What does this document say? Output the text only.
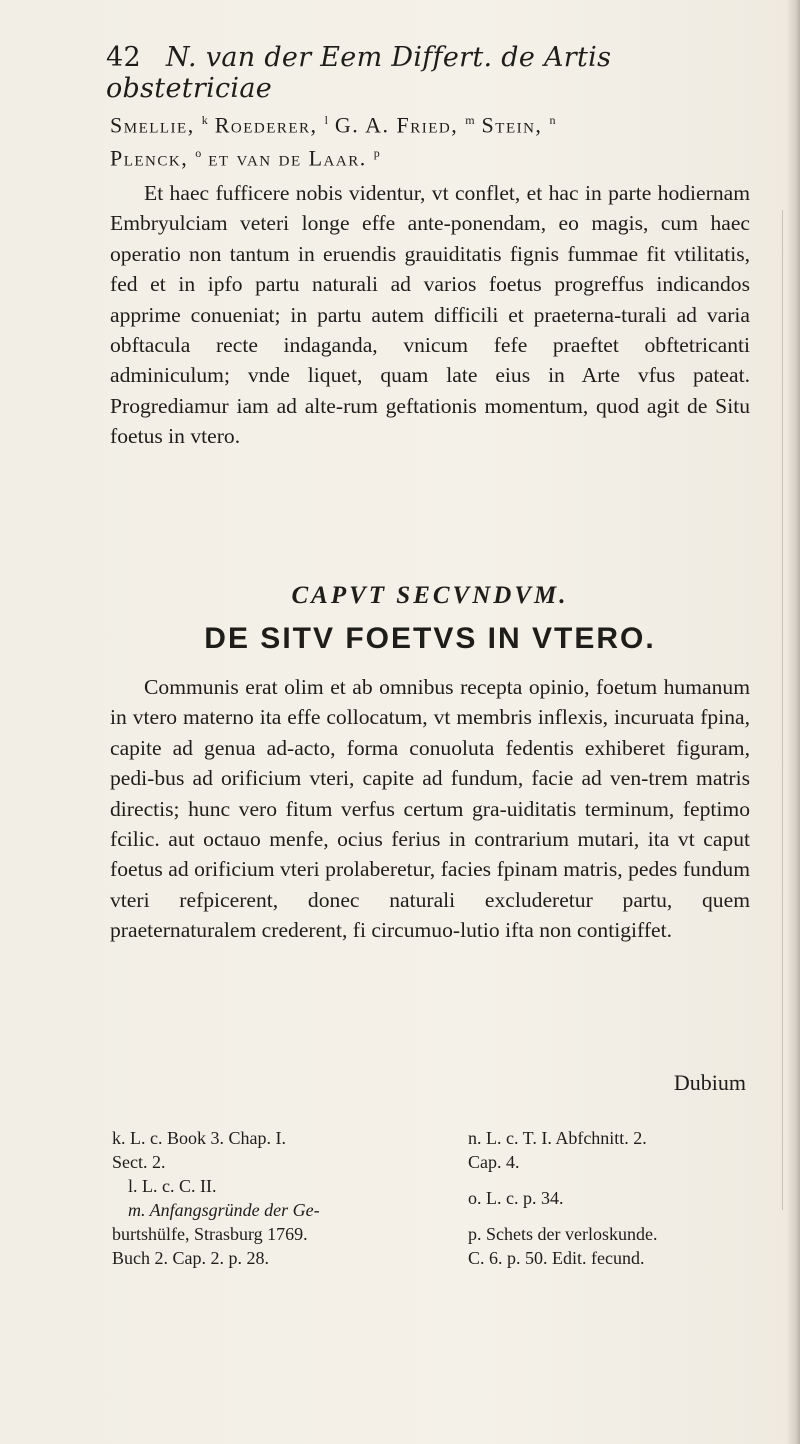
42 N. van der Eem Differt. de Artis obstetriciae
Smellie, $^k$ Roederer, $^l$ G. A. Fried, $^m$ Stein, $^n$
Plenck, $^o$ et van de Laar. $^p$
Et haec fufficere nobis videntur, vt conflet, et hac in parte hodiernam Embryulciam veteri longe effe ante-ponendam, eo magis, cum haec operatio non tantum in eruendis grauiditatis fignis fummae fit vtilitatis, fed et in ipfo partu naturali ad varios foetus progreffus indicandos apprime conueniat; in partu autem difficili et praeterna-turali ad varia obftacula recte indaganda, vnicum fefe praeftet obftetricanti adminiculum; vnde liquet, quam late eius in Arte vfus pateat. Progrediamur iam ad alte-rum geftationis momentum, quod agit de Situ foetus in vtero.
CAPVT SECVNDVM.
DE SITV FOETVS IN VTERO.
Communis erat olim et ab omnibus recepta opinio, foetum humanum in vtero materno ita effe collocatum, vt membris inflexis, incuruata fpina, capite ad genua ad-acto, forma conuoluta fedentis exhiberet figuram, pedi-bus ad orificium vteri, capite ad fundum, facie ad ven-trem matris directis; hunc vero fitum verfus certum gra-uiditatis terminum, feptimo fcilic. aut octauo menfe, ocius ferius in contrarium mutari, ita vt caput foetus ad orificium vteri prolaberetur, facies fpinam matris, pedes fundum vteri refpicerent, donec naturali excluderetur partu, quem praeternaturalem crederent, fi circumuo-lutio ifta non contigiffet.
Dubium
k. L. c. Book 3. Chap. I.
Sect. 2.
l. L. c. C. II.
m. Anfangsgründe der Ge-
burtshülfe, Strasburg 1769.
Buch 2. Cap. 2. p. 28.
n. L. c. T. I. Abfchnitt. 2.
Cap. 4.
o. L. c. p. 34.
p. Schets der verloskunde.
C. 6. p. 50. Edit. fecund.
